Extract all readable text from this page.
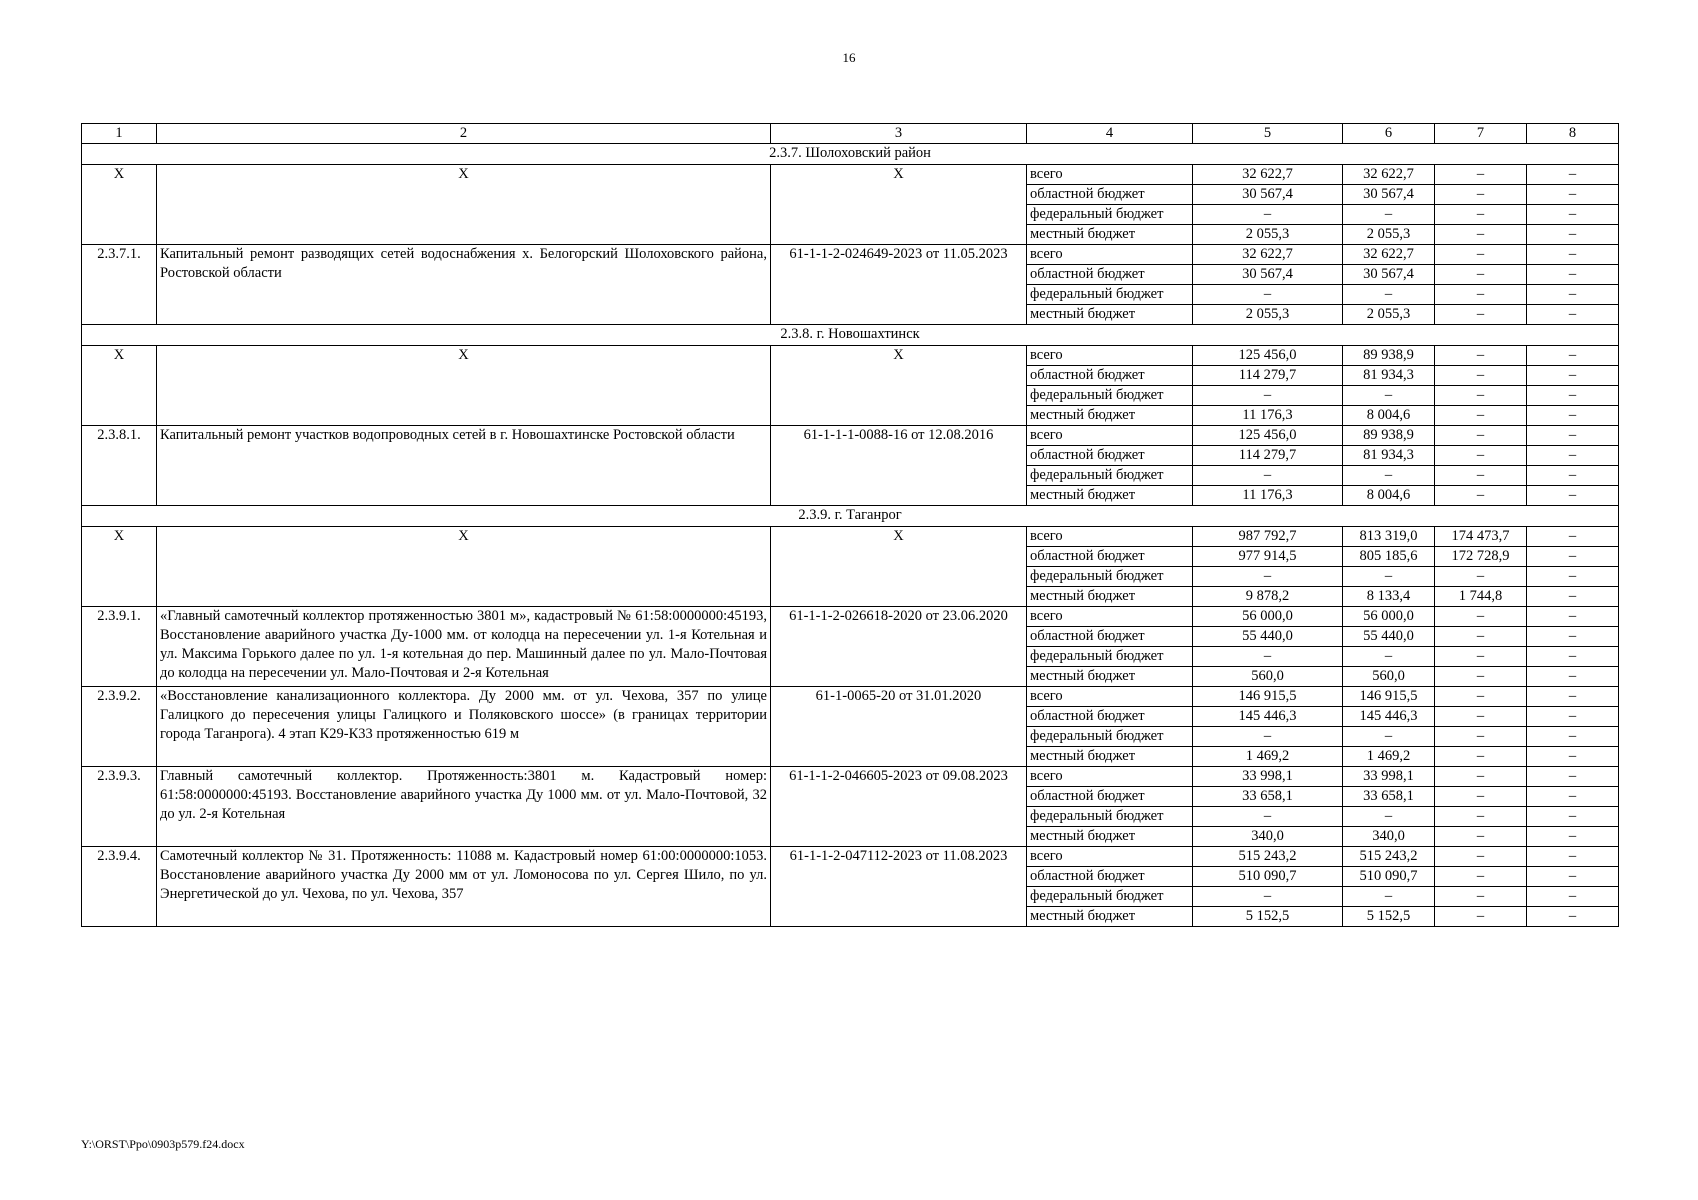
16
1	2	3	4	5	6	7	8
2.3.7. Шолоховский район							
X	X	X	всего	32 622,7	32 622,7	–	–
			областной бюджет	30 567,4	30 567,4	–	–
			федеральный бюджет	–	–	–	–
			местный бюджет	2 055,3	2 055,3	–	–
2.3.7.1.	Капитальный ремонт разводящих сетей водоснабжения х. Белогорский Шолоховского района, Ростовской области	61-1-1-2-024649-2023 от 11.05.2023	всего	32 622,7	32 622,7	–	–
			областной бюджет	30 567,4	30 567,4	–	–
			федеральный бюджет	–	–	–	–
			местный бюджет	2 055,3	2 055,3	–	–
2.3.8. г. Новошахтинск							
X	X	X	всего	125 456,0	89 938,9	–	–
			областной бюджет	114 279,7	81 934,3	–	–
			федеральный бюджет	–	–	–	–
			местный бюджет	11 176,3	8 004,6	–	–
2.3.8.1.	Капитальный ремонт участков водопроводных сетей в г. Новошахтинске Ростовской области	61-1-1-1-0088-16 от 12.08.2016	всего	125 456,0	89 938,9	–	–
			областной бюджет	114 279,7	81 934,3	–	–
			федеральный бюджет	–	–	–	–
			местный бюджет	11 176,3	8 004,6	–	–
2.3.9. г. Таганрог							
X	X	X	всего	987 792,7	813 319,0	174 473,7	–
			областной бюджет	977 914,5	805 185,6	172 728,9	–
			федеральный бюджет	–	–	–	–
			местный бюджет	9 878,2	8 133,4	1 744,8	–
2.3.9.1.	«Главный самотечный коллектор протяженностью 3801 м», кадастровый № 61:58:0000000:45193, Восстановление аварийного участка Ду-1000 мм. от колодца на пересечении ул. 1-я Котельная и ул. Максима Горького далее по ул. 1-я котельная до пер. Машинный далее по ул. Мало-Почтовая до колодца на пересечении ул. Мало-Почтовая и 2-я Котельная	61-1-1-2-026618-2020 от 23.06.2020	всего	56 000,0	56 000,0	–	–
			областной бюджет	55 440,0	55 440,0	–	–
			федеральный бюджет	–	–	–	–
			местный бюджет	560,0	560,0	–	–
2.3.9.2.	«Восстановление канализационного коллектора. Ду 2000 мм. от ул. Чехова, 357 по улице Галицкого до пересечения улицы Галицкого и Поляковского шоссе» (в границах территории города Таганрога). 4 этап К29-К33 протяженностью 619 м	61-1-0065-20 от 31.01.2020	всего	146 915,5	146 915,5	–	–
			областной бюджет	145 446,3	145 446,3	–	–
			федеральный бюджет	–	–	–	–
			местный бюджет	1 469,2	1 469,2	–	–
2.3.9.3.	Главный самотечный коллектор. Протяженность:3801 м. Кадастровый номер: 61:58:0000000:45193. Восстановление аварийного участка Ду 1000 мм. от ул. Мало-Почтовой, 32 до ул. 2-я Котельная	61-1-1-2-046605-2023 от 09.08.2023	всего	33 998,1	33 998,1	–	–
			областной бюджет	33 658,1	33 658,1	–	–
			федеральный бюджет	–	–	–	–
			местный бюджет	340,0	340,0	–	–
2.3.9.4.	Самотечный коллектор № 31. Протяженность: 11088 м. Кадастровый номер 61:00:0000000:1053. Восстановление аварийного участка Ду 2000 мм от ул. Ломоносова по ул. Сергея Шило, по ул. Энергетической до ул. Чехова, по ул. Чехова, 357	61-1-1-2-047112-2023 от 11.08.2023	всего	515 243,2	515 243,2	–	–
			областной бюджет	510 090,7	510 090,7	–	–
			федеральный бюджет	–	–	–	–
			местный бюджет	5 152,5	5 152,5	–	–
Y:\ORST\Ppo\0903p579.f24.docx
